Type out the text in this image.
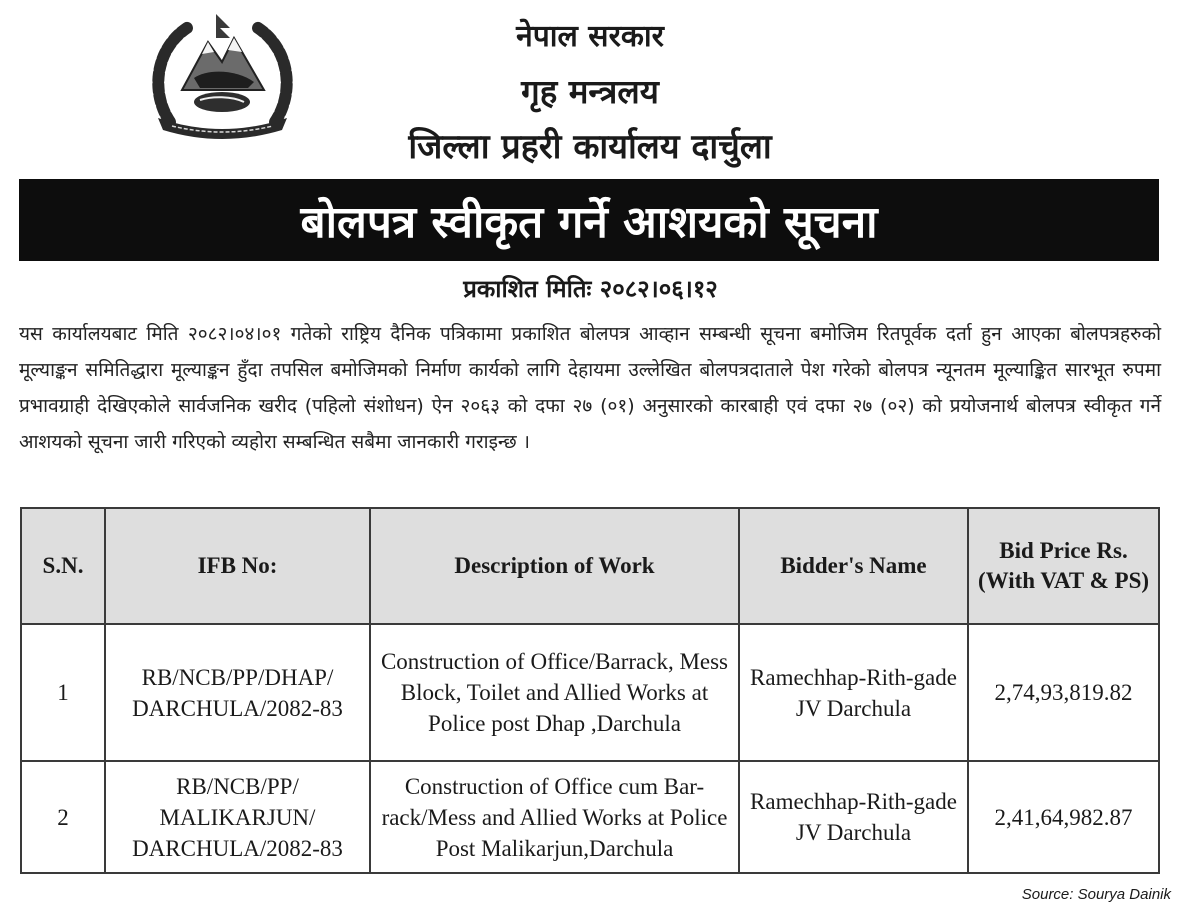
नेपाल सरकार
गृह मन्त्रलय
जिल्ला प्रहरी कार्यालय दार्चुला
बोलपत्र स्वीकृत गर्ने आशयको सूचना
प्रकाशित मितिः २०८२।०६।१२
यस कार्यालयबाट मिति २०८२।०४।०१ गतेको राष्ट्रिय दैनिक पत्रिकामा प्रकाशित बोलपत्र आव्हान सम्बन्धी सूचना बमोजिम रितपूर्वक दर्ता हुन आएका बोलपत्रहरुको मूल्याङ्कन समितिद्धारा मूल्याङ्कन हुँदा तपसिल बमोजिमको निर्माण कार्यको लागि देहायमा उल्लेखित बोलपत्रदाताले पेश गरेको बोलपत्र न्यूनतम मूल्याङ्कित सारभूत रुपमा प्रभावग्राही देखिएकोले सार्वजनिक खरीद (पहिलो संशोधन) ऐन २०६३ को दफा २७ (०१) अनुसारको कारबाही एवं दफा २७ (०२) को प्रयोजनार्थ बोलपत्र स्वीकृत गर्ने आशयको सूचना जारी गरिएको व्यहोरा सम्बन्धित सबैमा जानकारी गराइन्छ ।
S.N.	IFB No:	Description of Work	Bidder's Name	Bid Price Rs. (With VAT & PS)
1	RB/NCB/PP/DHAP/ DARCHULA/2082-83	Construction of Office/Barrack, Mess Block, Toilet and Allied Works at Police post Dhap ,Darchula	Ramechhap-Rith-gade JV Darchula	2,74,93,819.82
2	RB/NCB/PP/ MALIKARJUN/ DARCHULA/2082-83	Construction of Office cum Bar-rack/Mess and Allied Works at Police Post Malikarjun,Darchula	Ramechhap-Rith-gade JV Darchula	2,41,64,982.87
Source: Sourya Dainik
